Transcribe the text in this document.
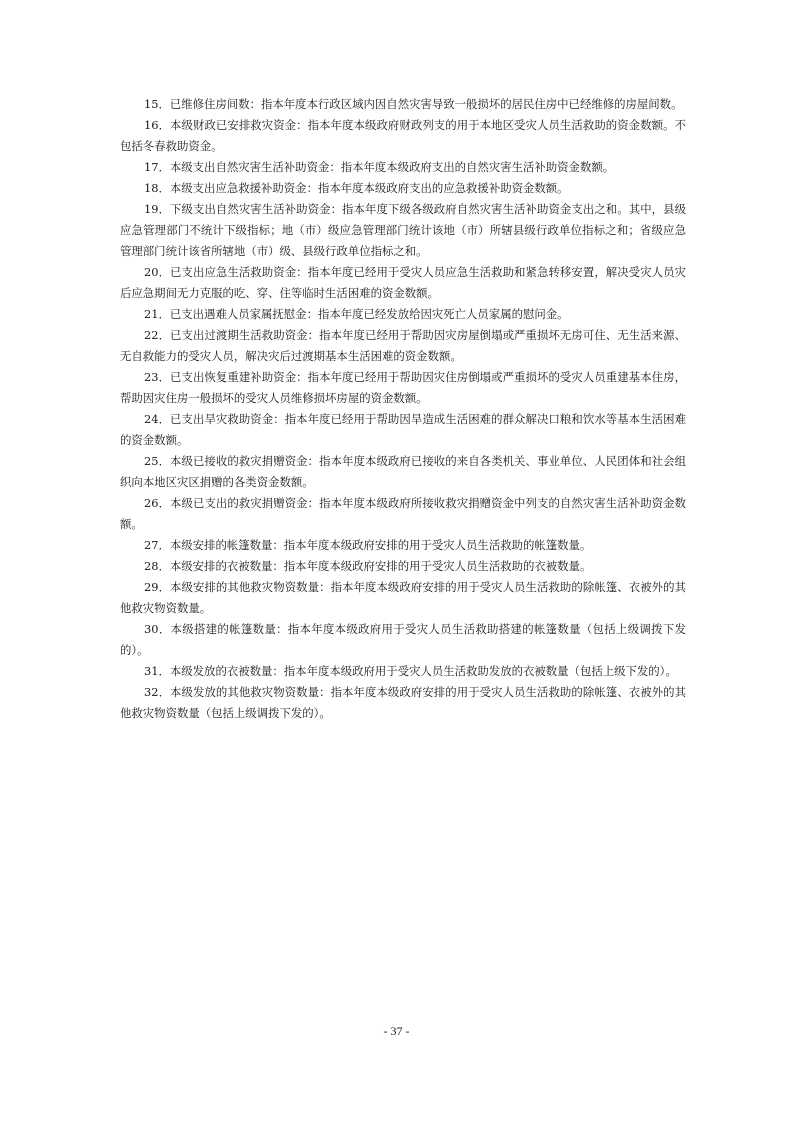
15．已维修住房间数：指本年度本行政区域内因自然灾害导致一般损坏的居民住房中已经维修的房屋间数。

16．本级财政已安排救灾资金：指本年度本级政府财政列支的用于本地区受灾人员生活救助的资金数额。不包括冬春救助资金。

17．本级支出自然灾害生活补助资金：指本年度本级政府支出的自然灾害生活补助资金数额。

18．本级支出应急救援补助资金：指本年度本级政府支出的应急救援补助资金数额。

19．下级支出自然灾害生活补助资金：指本年度下级各级政府自然灾害生活补助资金支出之和。其中，县级应急管理部门不统计下级指标；地（市）级应急管理部门统计该地（市）所辖县级行政单位指标之和；省级应急管理部门统计该省所辖地（市）级、县级行政单位指标之和。

20．已支出应急生活救助资金：指本年度已经用于受灾人员应急生活救助和紧急转移安置，解决受灾人员灾后应急期间无力克服的吃、穿、住等临时生活困难的资金数额。

21．已支出遇难人员家属抚慰金：指本年度已经发放给因灾死亡人员家属的慰问金。

22．已支出过渡期生活救助资金：指本年度已经用于帮助因灾房屋倒塌或严重损坏无房可住、无生活来源、无自救能力的受灾人员，解决灾后过渡期基本生活困难的资金数额。

23．已支出恢复重建补助资金：指本年度已经用于帮助因灾住房倒塌或严重损坏的受灾人员重建基本住房，帮助因灾住房一般损坏的受灾人员维修损坏房屋的资金数额。

24．已支出旱灾救助资金：指本年度已经用于帮助因旱造成生活困难的群众解决口粮和饮水等基本生活困难的资金数额。

25．本级已接收的救灾捐赠资金：指本年度本级政府已接收的来自各类机关、事业单位、人民团体和社会组织向本地区灾区捐赠的各类资金数额。

26．本级已支出的救灾捐赠资金：指本年度本级政府所接收救灾捐赠资金中列支的自然灾害生活补助资金数额。

27．本级安排的帐篷数量：指本年度本级政府安排的用于受灾人员生活救助的帐篷数量。

28．本级安排的衣被数量：指本年度本级政府安排的用于受灾人员生活救助的衣被数量。

29．本级安排的其他救灾物资数量：指本年度本级政府安排的用于受灾人员生活救助的除帐篷、衣被外的其他救灾物资数量。

30．本级搭建的帐篷数量：指本年度本级政府用于受灾人员生活救助搭建的帐篷数量（包括上级调拨下发的）。

31．本级发放的衣被数量：指本年度本级政府用于受灾人员生活救助发放的衣被数量（包括上级下发的）。

32．本级发放的其他救灾物资数量：指本年度本级政府安排的用于受灾人员生活救助的除帐篷、衣被外的其他救灾物资数量（包括上级调拨下发的）。

- 37 -
